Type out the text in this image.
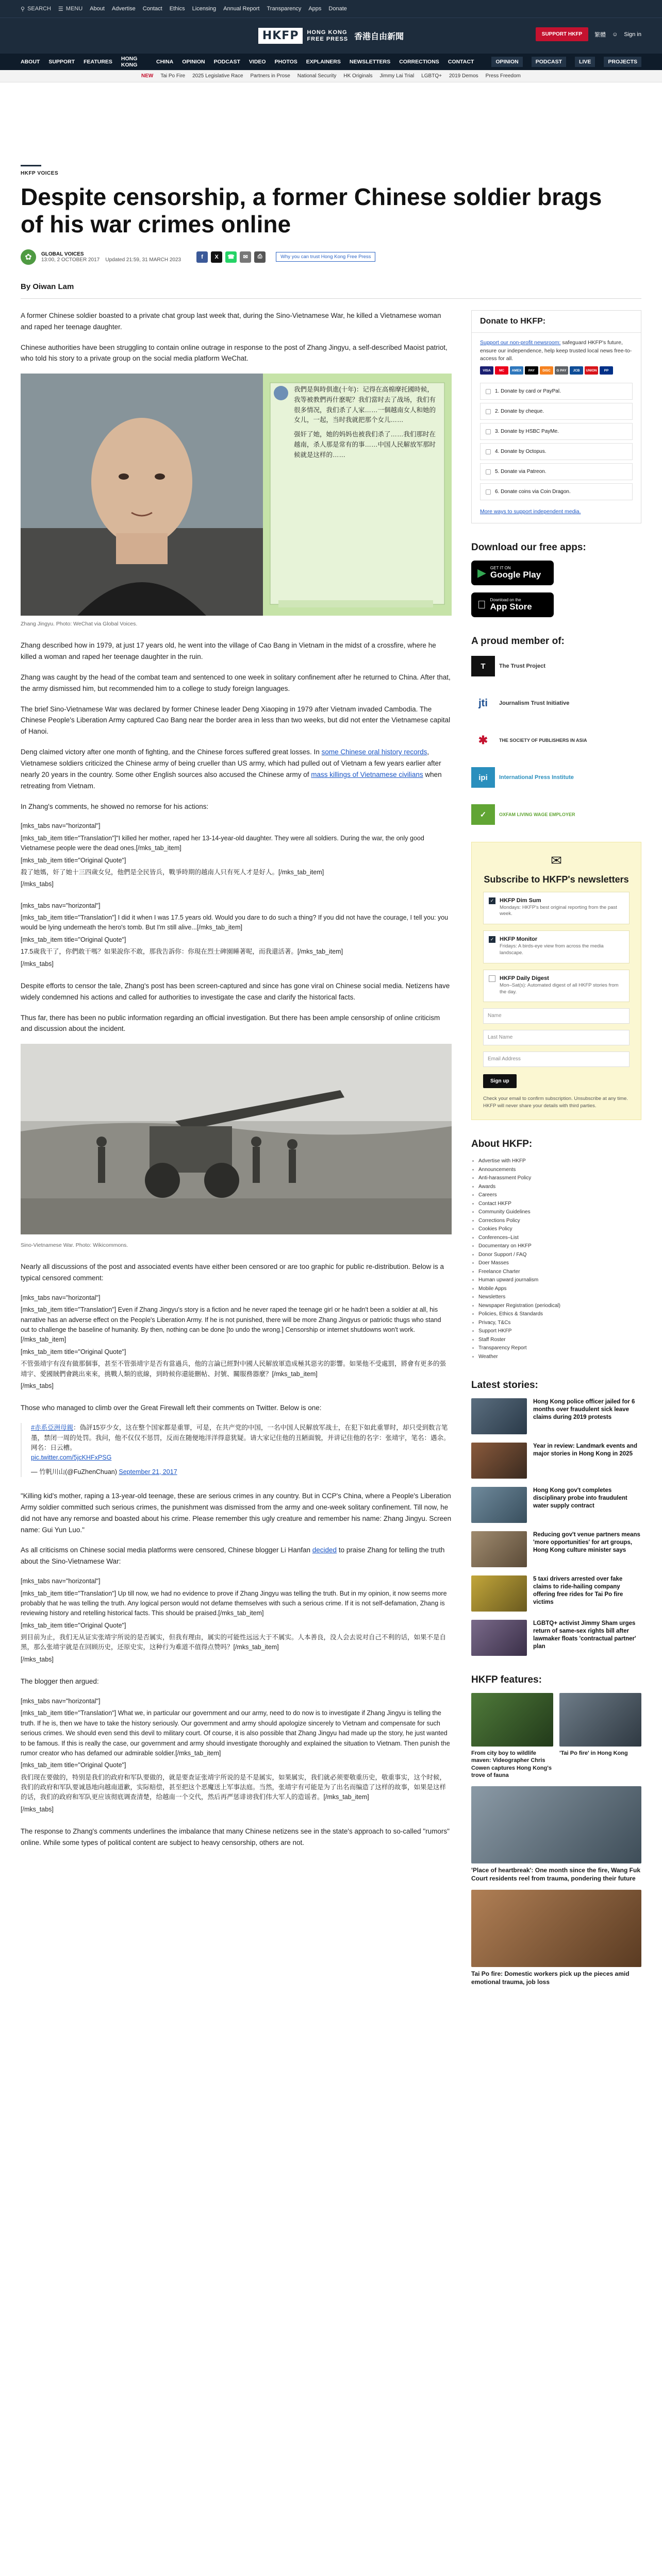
⚲ SEARCH ☰ MENU About Advertise Contact Ethics Licensing Annual Report Transparency Apps Donate
HKFP	HONG KONG
FREE PRESS 香港自由新聞	SUPPORT HKFP	繁體 ☺ Sign in
ABOUT SUPPORT FEATURES HONG KONG	CHINA OPINION PODCAST VIDEO PHOTOS EXPLAINERS NEWSLETTERS CORRECTIONS CONTACT	OPINION	PODCAST	LIVE	PROJECTS
NEW Tai Po Fire 2025 Legislative Race Partners in Prose National Security HK Originals Jimmy Lai Trial LGBTQ+ 2019 Demos Press Freedom
HKFP VOICES
Despite censorship, a former Chinese soldier brags of his war crimes online
✿	GLOBAL VOICES
13:00, 2 OCTOBER 2017 Updated 21:59, 31 MARCH 2023	f	X	☎	✉	⎙	Why you can trust Hong Kong Free Press
By Oiwan Lam

A former Chinese soldier boasted to a private chat group last week that, during the Sino-Vietnamese War, he killed a Vietnamese woman and raped her teenage daughter.

Chinese authorities have been struggling to contain online outrage in response to the post of Zhang Jingyu, a self-described Maoist patriot, who told his story to a private group on the social media platform WeChat.

我們是與時俱進(十年)：记得在高棉摩托國時候，我等被教們再什麽呢？我们當时去了战场，我们有很多情况，我们杀了人家……一個越南女人和她的女儿，一起，当时我就把那个女儿……
强奸了她，她的妈妈也被我们杀了……我们那时在越南，杀人那是常有的事……中国人民解放军那时候就是这样的……
Zhang Jingyu. Photo: WeChat via Global Voices.

Zhang described how in 1979, at just 17 years old, he went into the village of Cao Bang in Vietnam in the midst of a crossfire, where he killed a woman and raped her teenage daughter in the ruin.

Zhang was caught by the head of the combat team and sentenced to one week in solitary confinement after he returned to China. After that, the army dismissed him, but recommended him to a college to study foreign languages.

The brief Sino-Vietnamese War was declared by former Chinese leader Deng Xiaoping in 1979 after Vietnam invaded Cambodia. The Chinese People's Liberation Army captured Cao Bang near the border area in less than two weeks, but did not enter the Vietnamese capital of Hanoi.

Deng claimed victory after one month of fighting, and the Chinese forces suffered great losses. In some Chinese oral history records, Vietnamese soldiers criticized the Chinese army of being crueller than US army, which had pulled out of Vietnam a few years earlier after nearly 20 years in the country. Some other English sources also accused the Chinese army of mass killings of Vietnamese civilians when retreating from Vietnam.

In Zhang's comments, he showed no remorse for his actions:

[mks_tabs nav="horizontal"]
[mks_tab_item title="Translation"]"I killed her mother, raped her 13-14-year-old daughter. They were all soldiers. During the war, the only good Vietnamese people were the dead ones.[/mks_tab_item]
[mks_tab_item title="Original Quote"]
殺了她媽，奸了她十三四歲女兒，他們是全民皆兵，戰爭時期的越南人只有死人才是好人。[/mks_tab_item]
[/mks_tabs]
[mks_tabs nav="horizontal"]
[mks_tab_item title="Translation"] I did it when I was 17.5 years old. Would you dare to do such a thing? If you did not have the courage, I tell you: you would be lying underneath the hero's tomb. But I'm still alive...[/mks_tab_item]
[mks_tab_item title="Original Quote"]
17.5歲我干了，你們敢干嗎？如果說你不敢，那我告訴你：你現在烈士碑園睡著呢，而我還活著。[/mks_tab_item]
[/mks_tabs]

Despite efforts to censor the tale, Zhang's post has been screen-captured and since has gone viral on Chinese social media. Netizens have widely condemned his actions and called for authorities to investigate the case and clarify the historical facts.

Thus far, there has been no public information regarding an official investigation. But there has been ample censorship of online criticism and discussion about the incident.

Sino-Vietnamese War. Photo: Wikicommons.

Nearly all discussions of the post and associated events have either been censored or are too graphic for public re-distribution. Below is a typical censored comment:

[mks_tabs nav="horizontal"]
[mks_tab_item title="Translation"] Even if Zhang Jingyu's story is a fiction and he never raped the teenage girl or he hadn't been a soldier at all, his narrative has an adverse effect on the People's Liberation Army. If he is not punished, there will be more Zhang Jingyus or patriotic thugs who stand out to challenge the baseline of humanity. By then, nothing can be done [to undo the wrong.] Censorship or internet shutdowns won't work.[/mks_tab_item]
[mks_tab_item title="Original Quote"]
不管張靖宇有沒有做那個事，甚至不管張靖宇是否有當過兵，他的言論已經對中國人民解放軍造成極其惡劣的影響。如果他不受處罰，將會有更多的張靖宇、愛國賊們會跳出來來，挑戰人類的底線，到時候你還能刪帖、封號、關服務器麼？[/mks_tab_item]
[/mks_tabs]

Those who managed to climb over the Great Firewall left their comments on Twitter. Below is one:

#赤系亞洲母親：偽評15岁少女，这在整个国家都是重罪，可是，在共产党的中国，一名中国人民解放军战士，在犯下如此重罪时，却只受到数言笔墨，禁闭一周的处罚。我问，他不仅仅不惩罚，反而在随便地洋洋得意犹疑。请大家记住他的丑陋面貌，并讲记住他的名字：张靖宇，笔名：遇余。网名：日云槽。
pic.twitter.com/5jcKHFxPSG
— 竹帆川山(@FuZhenChuan) September 21, 2017

"Killing kid's mother, raping a 13-year-old teenage, these are serious crimes in any country. But in CCP's China, where a People's Liberation Army soldier committed such serious crimes, the punishment was dismissed from the army and one-week solitary confinement. Till now, he did not have any remorse and boasted about his crime. Please remember this ugly creature and remember his name: Zhang Jingyu. Screen name: Gui Yun Luo."

As all criticisms on Chinese social media platforms were censored, Chinese blogger Li Hanfan decided to praise Zhang for telling the truth about the Sino-Vietnamese War:

[mks_tabs nav="horizontal"]
[mks_tab_item title="Translation"] Up till now, we had no evidence to prove if Zhang Jingyu was telling the truth. But in my opinion, it now seems more probably that he was telling the truth. Any logical person would not defame themselves with such a serious crime. If it is not self-defamation, Zhang is reviewing history and retelling historical facts. This should be praised.[/mks_tab_item]
[mks_tab_item title="Original Quote"]
到目前为止，我们无从证实张靖宇所说的是否属实，但我有理由，属实的可能性远远大于不属实。人本善良，没人会去说对自己不利的话，如果不是自黑，那么张靖宇就是在回顾历史，还原史实，这种行为难道不值得点赞吗？[/mks_tab_item]
[/mks_tabs]

The blogger then argued:

[mks_tabs nav="horizontal"]
[mks_tab_item title="Translation"] What we, in particular our government and our army, need to do now is to investigate if Zhang Jingyu is telling the truth. If he is, then we have to take the history seriously. Our government and army should apologize sincerely to Vietnam and compensate for such serious crimes. We should even send this devil to military court. Of course, it is also possible that Zhang Jingyu had made up the story, he just wanted to be famous. If this is really the case, our government and army should investigate thoroughly and explained the situation to Vietnam. Then punish the rumor creator who has defamed our admirable soldier.[/mks_tab_item]
[mks_tab_item title="Original Quote"]
我们现在要做的，特别是我们的政府和军队要做的，就是要查证张靖宇所说的是不是属实，如果属实，我们就必须要敬重历史，敬重事实，这个时候，我们的政府和军队要诚恳地向越南道歉，实际赔偿，甚至把这个恶魔送上军事法庭。当然，张靖宇有可能是为了出名而编造了这样的故事，如果是这样的话，我们的政府和军队更应该彻底调查清楚，给越南一个交代，然后再严惩诽谤我们伟大军人的造谣者。[/mks_tab_item]
[/mks_tabs]

The response to Zhang's comments underlines the imbalance that many Chinese netizens see in the state's approach to so-called "rumors" online. While some types of political content are subject to heavy censorship, others are not.

Donate to HKFP:
Support our non-profit newsroom: safeguard HKFP's future, ensure our independence, help keep trusted local news free-to-access for all.
VISA	MC	AMEX	PAY	DISC	G PAY	JCB	UNION	PP
1. Donate by card or PayPal.
2. Donate by cheque.
3. Donate by HSBC PayMe.
4. Donate by Octopus.
5. Donate via Patreon.
6. Donate coins via Coin Dragon.
More ways to support independent media.
Download our free apps:
▶ GET IT ON
Google Play
Download on the
App Store
A proud member of:
T	The Trust Project
jti	Journalism Trust Initiative
✱	THE SOCIETY OF PUBLISHERS IN ASIA
ipi	International Press Institute
✓	OXFAM LIVING WAGE EMPLOYER
✉
Subscribe to HKFP's newsletters
✓ HKFP Dim Sum
Mondays: HKFP's best original reporting from the past week.
✓ HKFP Monitor
Fridays: A birds-eye view from across the media landscape.
HKFP Daily Digest
Mon–Sat(s): Automated digest of all HKFP stories from the day.
Name
Last Name
Email Address
Sign up
Check your email to confirm subscription. Unsubscribe at any time. HKFP will never share your details with third parties.
About HKFP:
• Advertise with HKFP
• Announcements
• Anti-harassment Policy
• Awards
• Careers
• Contact HKFP
• Community Guidelines
• Corrections Policy
• Cookies Policy
• Conferences–List
• Documentary on HKFP
• Donor Support / FAQ
• Doer Masses
• Freelance Charter
• Human upward journalism
• Mobile Apps
• Newsletters
• Newspaper Registration (periodical)
• Policies, Ethics & Standards
• Privacy, T&Cs
• Support HKFP
• Staff Roster
• Transparency Report
• Weather
Latest stories:
Hong Kong police officer jailed for 6 months over fraudulent sick leave claims during 2019 protests
Year in review: Landmark events and major stories in Hong Kong in 2025
Hong Kong gov't completes disciplinary probe into fraudulent water supply contract
Reducing gov't venue partners means 'more opportunities' for art groups, Hong Kong culture minister says
5 taxi drivers arrested over fake claims to ride-hailing company offering free rides for Tai Po fire victims
LGBTQ+ activist Jimmy Sham urges return of same-sex rights bill after lawmaker floats 'contractual partner' plan
HKFP features:
From city boy to wildlife maven: Videographer Chris Cowen captures Hong Kong's trove of fauna
'Tai Po fire' in Hong Kong
'Place of heartbreak': One month since the fire, Wang Fuk Court residents reel from trauma, pondering their future
Tai Po fire: Domestic workers pick up the pieces amid emotional trauma, job loss
